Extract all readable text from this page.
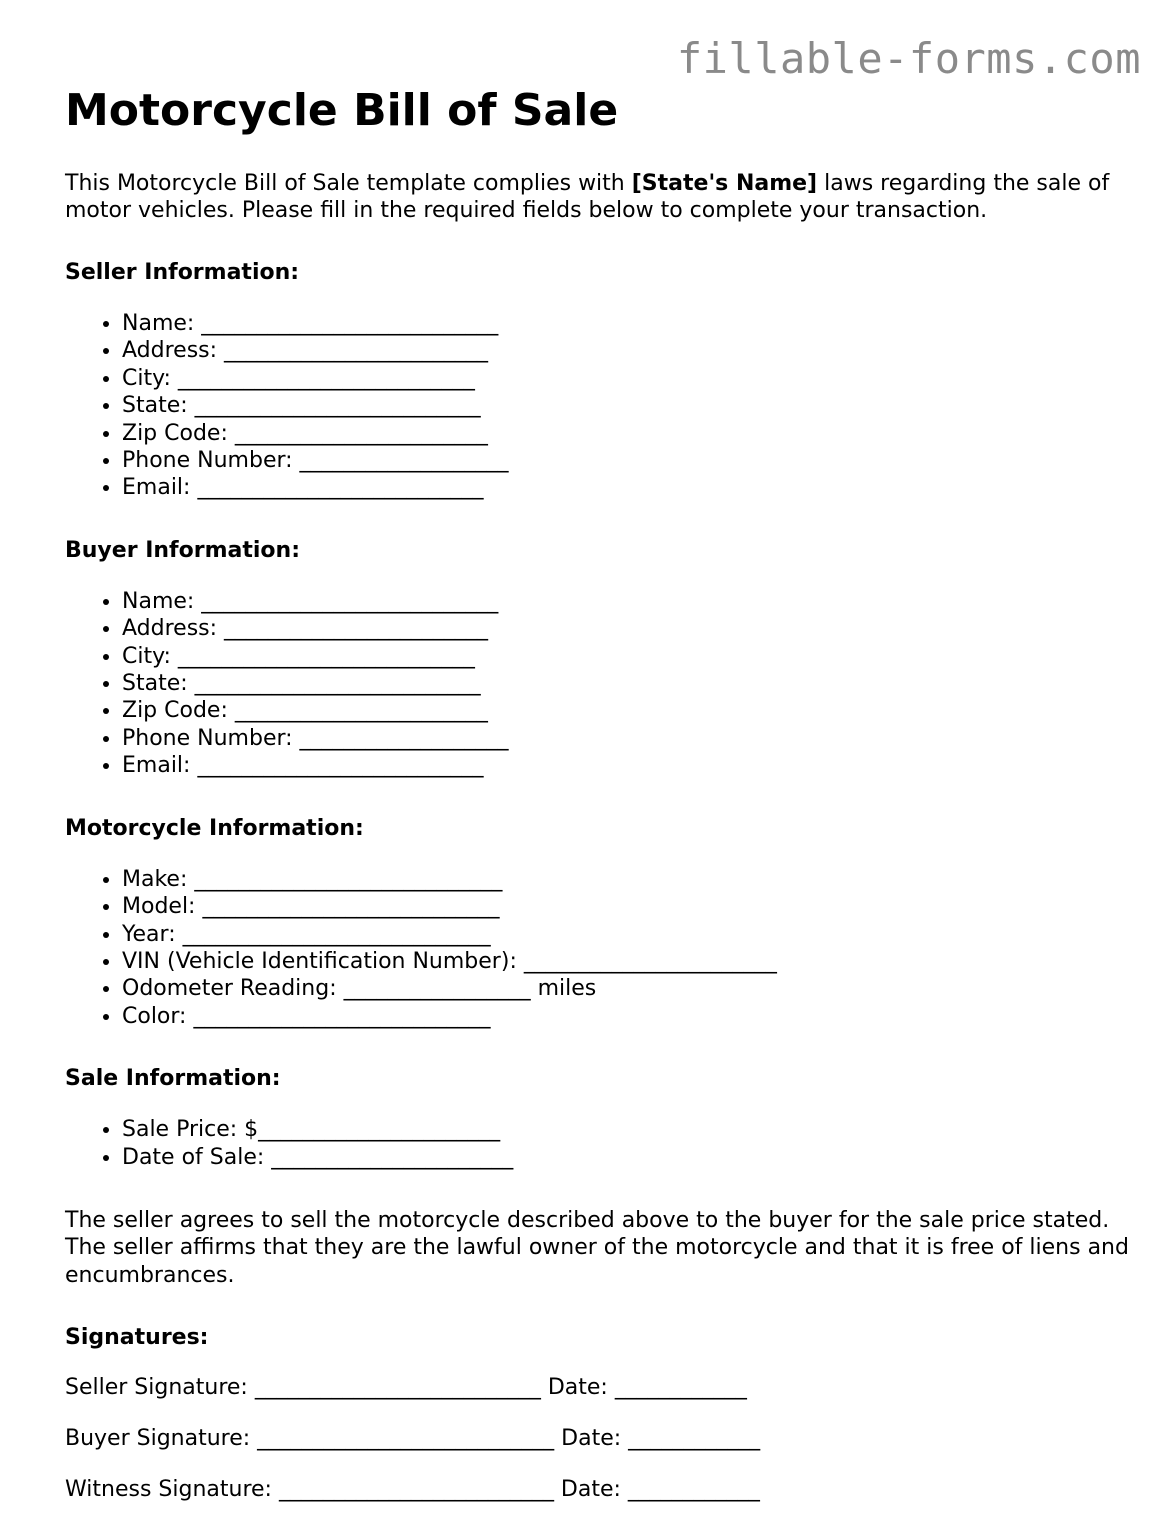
fillable-forms.com
Motorcycle Bill of Sale

This Motorcycle Bill of Sale template complies with [State's Name] laws regarding the sale of motor vehicles. Please fill in the required fields below to complete your transaction.

Seller Information:
• Name: ___________________________
• Address: ________________________
• City: ___________________________
• State: __________________________
• Zip Code: _______________________
• Phone Number: ___________________
• Email: __________________________
Buyer Information:
• Name: ___________________________
• Address: ________________________
• City: ___________________________
• State: __________________________
• Zip Code: _______________________
• Phone Number: ___________________
• Email: __________________________
Motorcycle Information:
• Make: ____________________________
• Model: ___________________________
• Year: ____________________________
• VIN (Vehicle Identification Number): _______________________
• Odometer Reading: _________________ miles
• Color: ___________________________
Sale Information:
• Sale Price: $______________________
• Date of Sale: ______________________

The seller agrees to sell the motorcycle described above to the buyer for the sale price stated. The seller affirms that they are the lawful owner of the motorcycle and that it is free of liens and encumbrances.

Signatures:

Seller Signature: __________________________ Date: ____________

Buyer Signature: ___________________________ Date: ____________

Witness Signature: _________________________ Date: ____________
